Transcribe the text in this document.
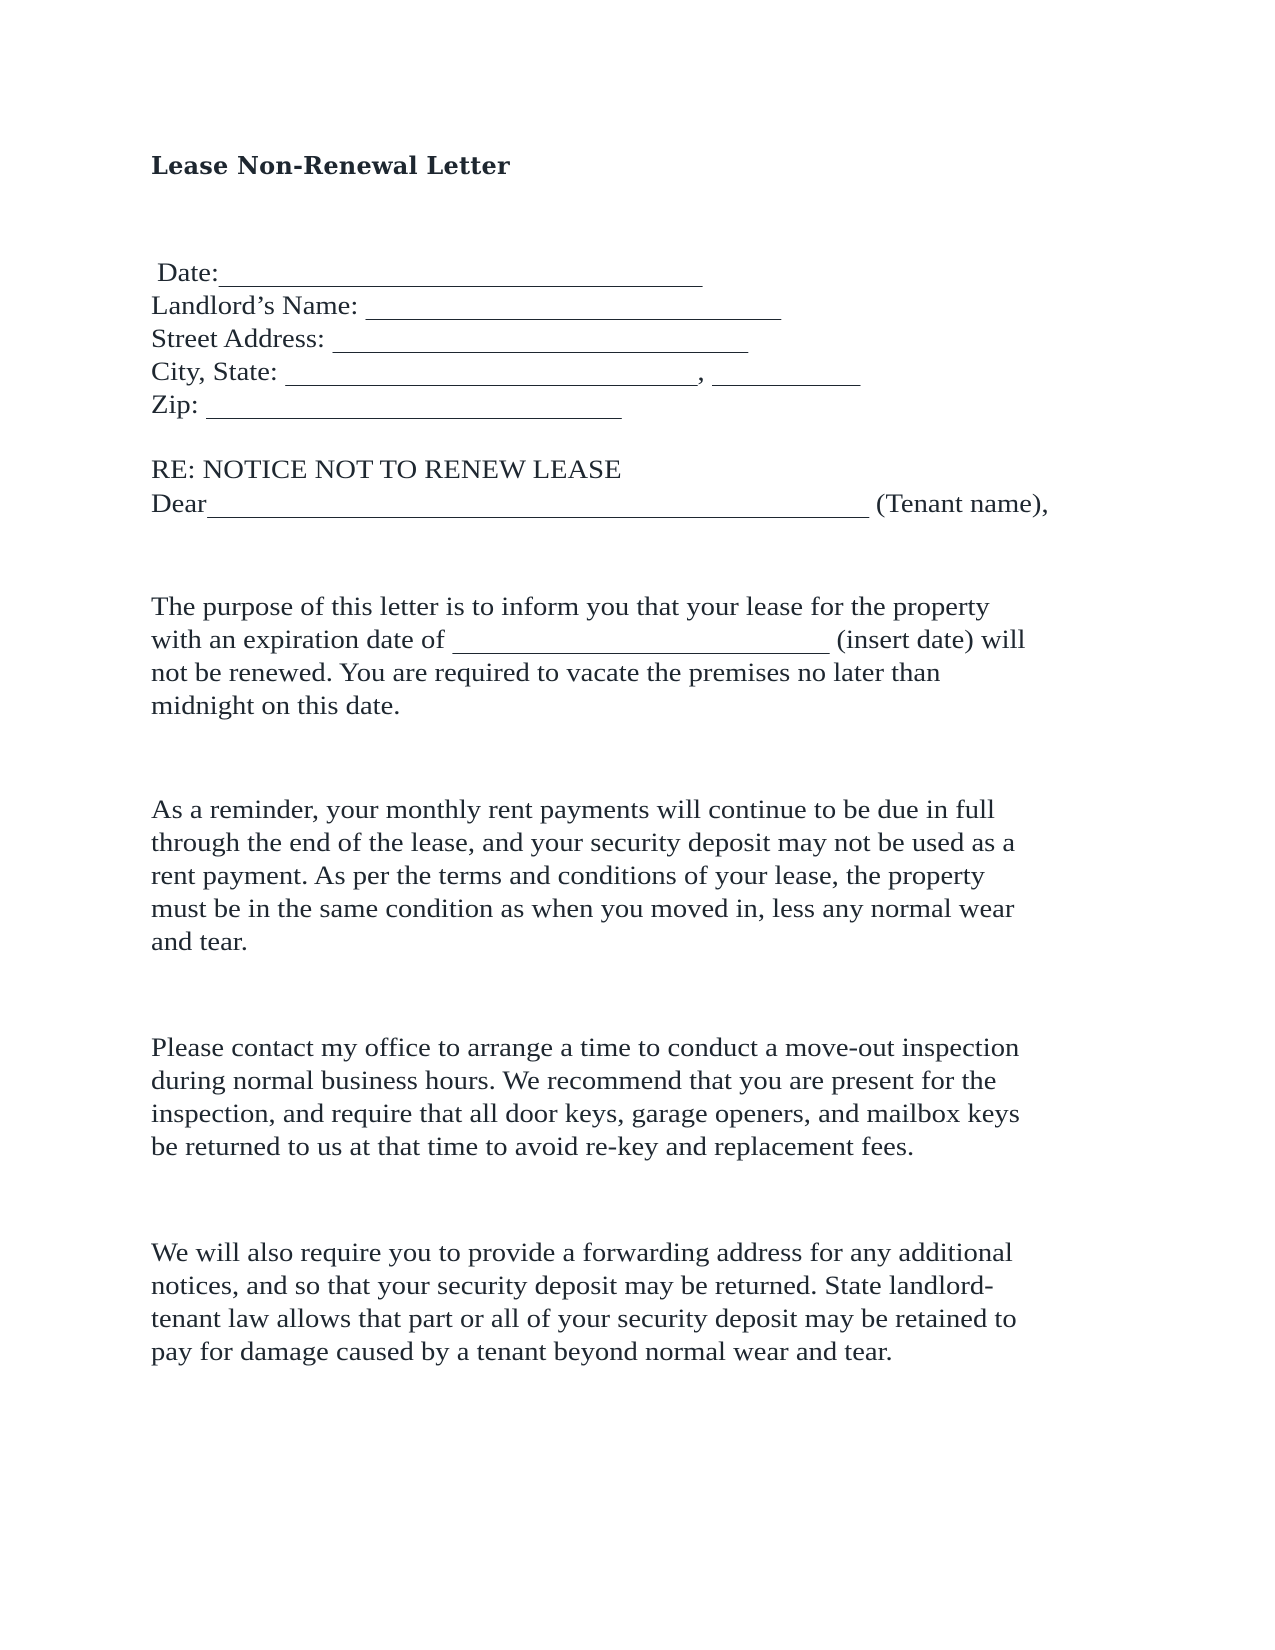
Lease Non-Renewal Letter
Date:
Landlord’s Name:
Street Address:
City, State:	,
Zip:
RE: NOTICE NOT TO RENEW LEASE
Dear	(Tenant name),
The purpose of this letter is to inform you that your lease for the property
with an expiration date of	(insert date) will
not be renewed. You are required to vacate the premises no later than
midnight on this date.
As a reminder, your monthly rent payments will continue to be due in full
through the end of the lease, and your security deposit may not be used as a
rent payment. As per the terms and conditions of your lease, the property
must be in the same condition as when you moved in, less any normal wear
and tear.
Please contact my office to arrange a time to conduct a move-out inspection
during normal business hours. We recommend that you are present for the
inspection, and require that all door keys, garage openers, and mailbox keys
be returned to us at that time to avoid re-key and replacement fees.
We will also require you to provide a forwarding address for any additional
notices, and so that your security deposit may be returned. State landlord-
tenant law allows that part or all of your security deposit may be retained to
pay for damage caused by a tenant beyond normal wear and tear.
